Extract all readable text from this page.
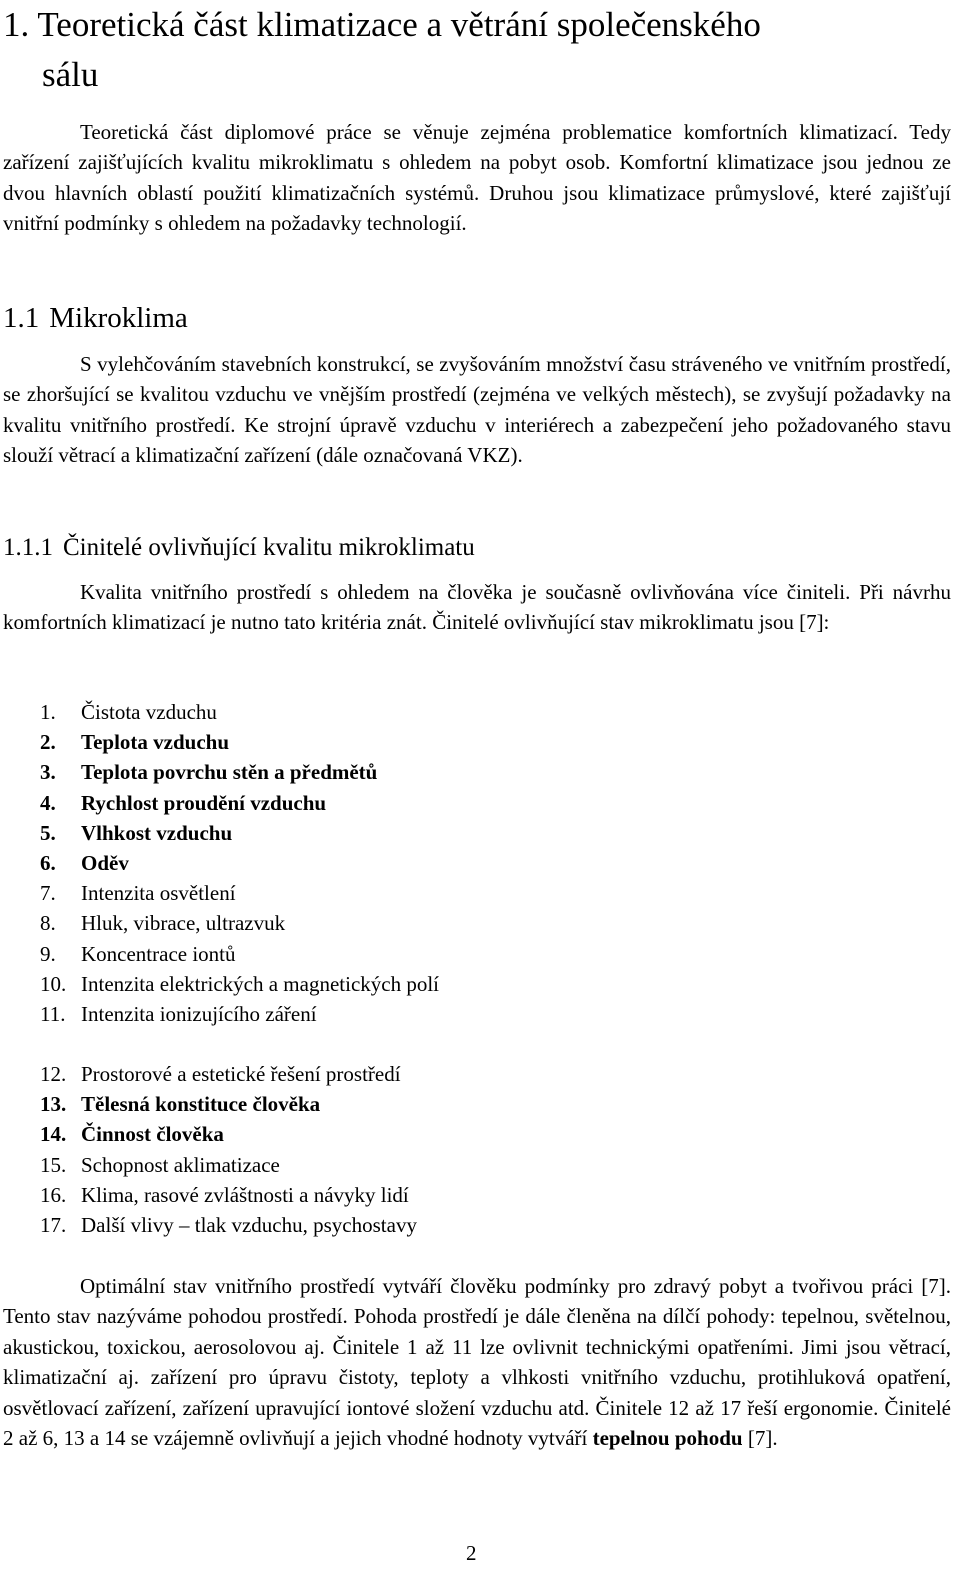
1. Teoretická část klimatizace a větrání společenského
sálu

Teoretická část diplomové práce se věnuje zejména problematice komfortních klimatizací. Tedy zařízení zajišťujících kvalitu mikroklimatu s ohledem na pobyt osob. Komfortní klimatizace jsou jednou ze dvou hlavních oblastí použití klimatizačních systémů. Druhou jsou klimatizace průmyslové, které zajišťují vnitřní podmínky s ohledem na požadavky technologií.

1.1 Mikroklima

S vylehčováním stavebních konstrukcí, se zvyšováním množství času stráveného ve vnitřním prostředí, se zhoršující se kvalitou vzduchu ve vnějším prostředí (zejména ve velkých městech), se zvyšují požadavky na kvalitu vnitřního prostředí. Ke strojní úpravě vzduchu v interiérech a zabezpečení jeho požadovaného stavu slouží větrací a klimatizační zařízení (dále označovaná VKZ).

1.1.1 Činitelé ovlivňující kvalitu mikroklimatu

Kvalita vnitřního prostředí s ohledem na člověka je současně ovlivňována více činiteli. Při návrhu komfortních klimatizací je nutno tato kritéria znát. Činitelé ovlivňující stav mikroklimatu jsou [7]:

1. Čistota vzduchu
2. Teplota vzduchu
3. Teplota povrchu stěn a předmětů
4. Rychlost proudění vzduchu
5. Vlhkost vzduchu
6. Oděv
7. Intenzita osvětlení
8. Hluk, vibrace, ultrazvuk
9. Koncentrace iontů
10. Intenzita elektrických a magnetických polí
11. Intenzita ionizujícího záření
12. Prostorové a estetické řešení prostředí
13. Tělesná konstituce člověka
14. Činnost člověka
15. Schopnost aklimatizace
16. Klima, rasové zvláštnosti a návyky lidí
17. Další vlivy – tlak vzduchu, psychostavy

Optimální stav vnitřního prostředí vytváří člověku podmínky pro zdravý pobyt a tvořivou práci [7]. Tento stav nazýváme pohodou prostředí. Pohoda prostředí je dále členěna na dílčí pohody: tepelnou, světelnou, akustickou, toxickou, aerosolovou aj. Činitele 1 až 11 lze ovlivnit technickými opatřeními. Jimi jsou větrací, klimatizační aj. zařízení pro úpravu čistoty, teploty a vlhkosti vnitřního vzduchu, protihluková opatření, osvětlovací zařízení, zařízení upravující iontové složení vzduchu atd. Činitele 12 až 17 řeší ergonomie. Činitelé 2 až 6, 13 a 14 se vzájemně ovlivňují a jejich vhodné hodnoty vytváří tepelnou pohodu [7].

2
